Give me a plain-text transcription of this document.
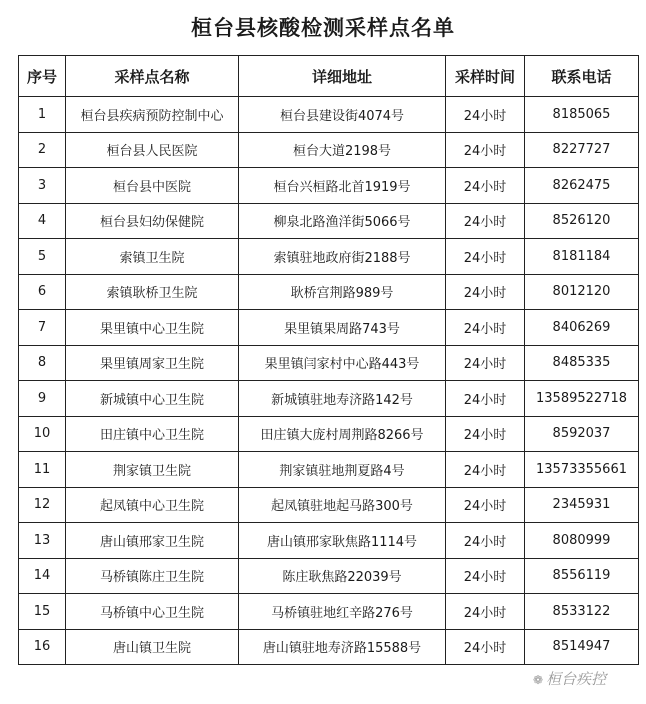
桓台县核酸检测采样点名单
序号	采样点名称	详细地址	采样时间	联系电话
1	桓台县疾病预防控制中心	桓台县建设街4074号	24小时	8185065
2	桓台县人民医院	桓台大道2198号	24小时	8227727
3	桓台县中医院	桓台兴桓路北首1919号	24小时	8262475
4	桓台县妇幼保健院	柳泉北路渔洋街5066号	24小时	8526120
5	索镇卫生院	索镇驻地政府街2188号	24小时	8181184
6	索镇耿桥卫生院	耿桥宫荆路989号	24小时	8012120
7	果里镇中心卫生院	果里镇果周路743号	24小时	8406269
8	果里镇周家卫生院	果里镇闫家村中心路443号	24小时	8485335
9	新城镇中心卫生院	新城镇驻地寿济路142号	24小时	13589522718
10	田庄镇中心卫生院	田庄镇大庞村周荆路8266号	24小时	8592037
11	荆家镇卫生院	荆家镇驻地荆夏路4号	24小时	13573355661
12	起凤镇中心卫生院	起凤镇驻地起马路300号	24小时	2345931
13	唐山镇邢家卫生院	唐山镇邢家耿焦路1114号	24小时	8080999
14	马桥镇陈庄卫生院	陈庄耿焦路22039号	24小时	8556119
15	马桥镇中心卫生院	马桥镇驻地红辛路276号	24小时	8533122
16	唐山镇卫生院	唐山镇驻地寿济路15588号	24小时	8514947
❁ 桓台疾控
